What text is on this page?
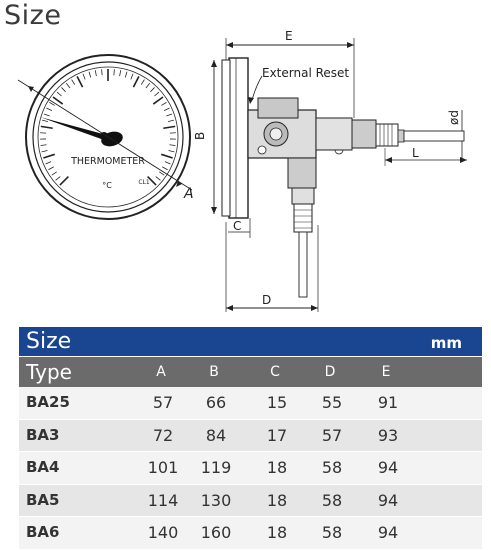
Size
THERMOMETER
°C	CL1
A
E
B
C
External Reset
ød
L
D
Size	mm
Type	A	B	C	D	E
BA25	57	66	15	55	91
BA3	72	84	17	57	93
BA4	101	119	18	58	94
BA5	114	130	18	58	94
BA6	140	160	18	58	94
